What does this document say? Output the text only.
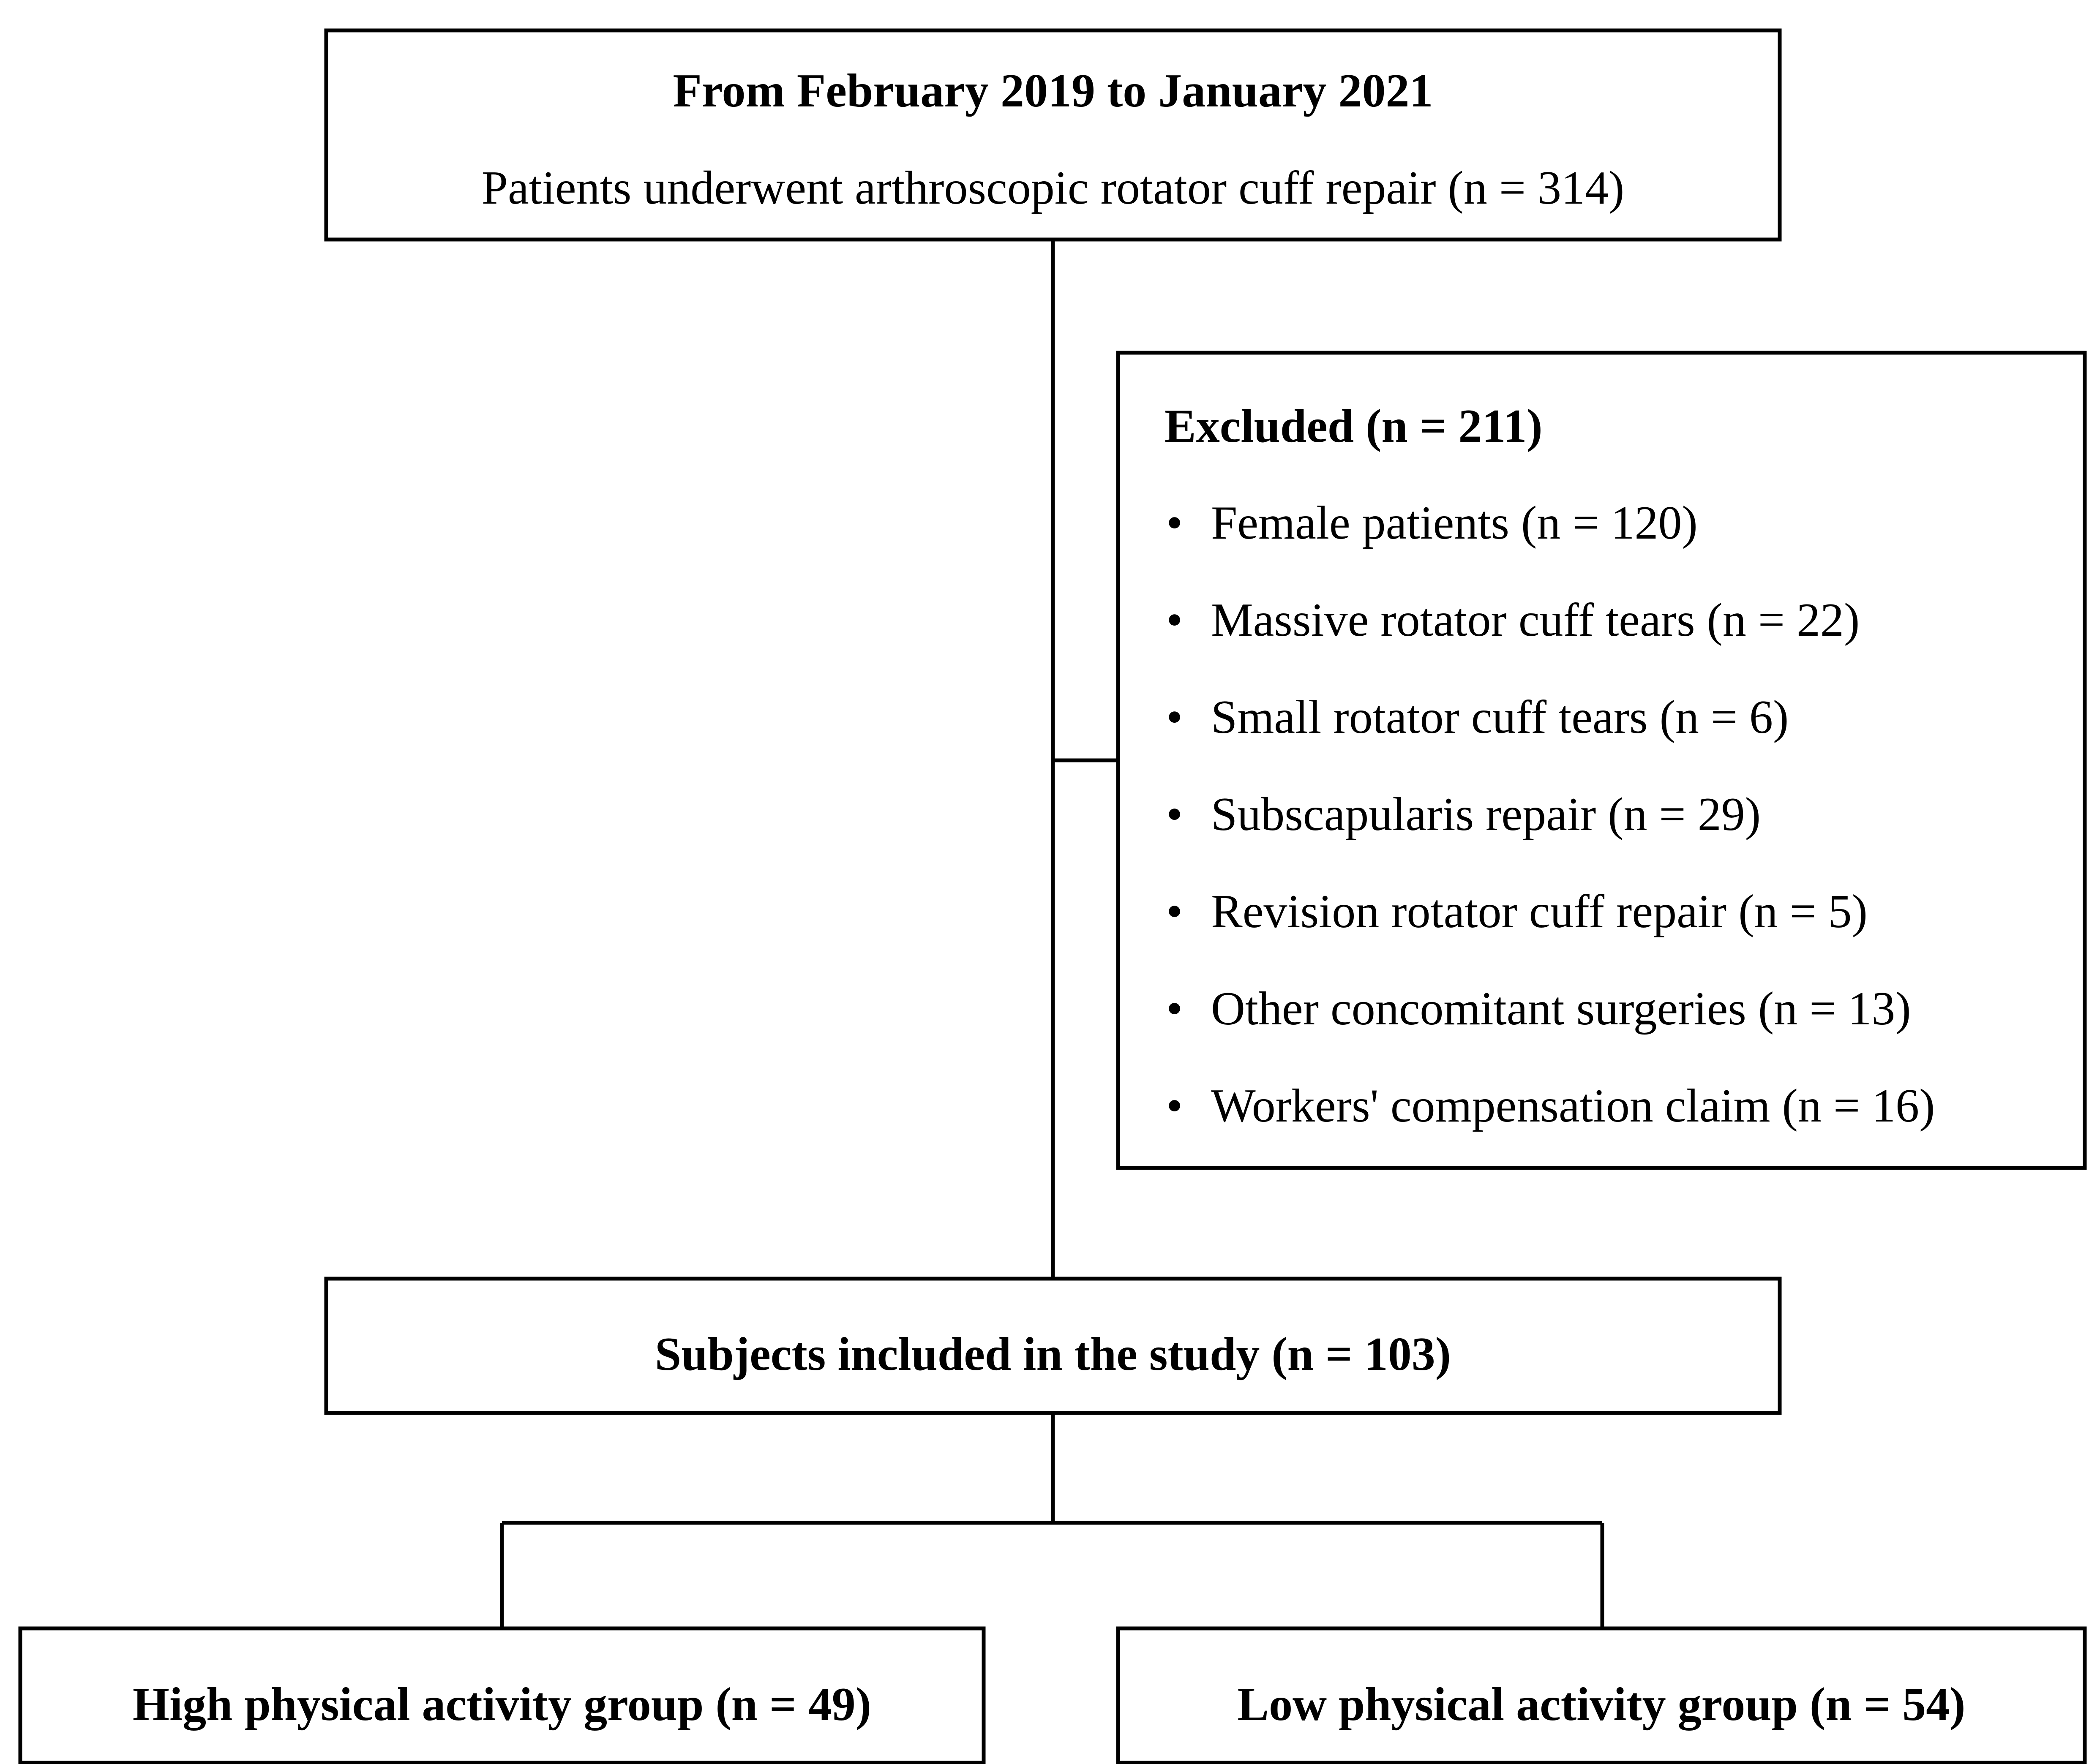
From February 2019 to January 2021
Patients underwent arthroscopic rotator cuff repair (n = 314)
Excluded (n = 211)
• Female patients (n = 120)
• Massive rotator cuff tears (n = 22)
• Small rotator cuff tears (n = 6)
• Subscapularis repair (n = 29)
• Revision rotator cuff repair (n = 5)
• Other concomitant surgeries (n = 13)
• Workers' compensation claim (n = 16)
Subjects included in the study (n = 103)
High physical activity group (n = 49)	Low physical activity group (n = 54)
